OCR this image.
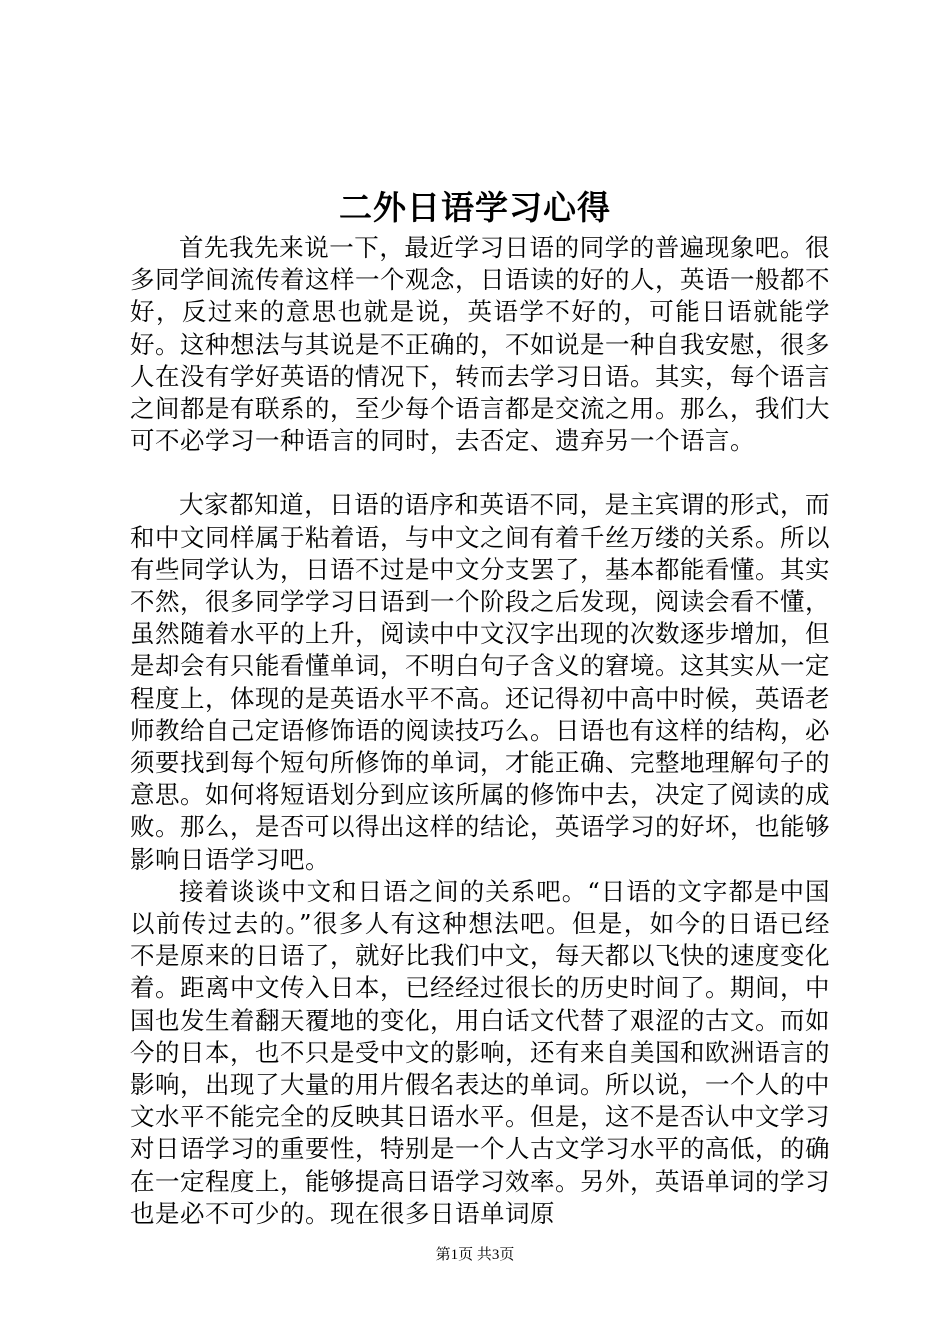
二外日语学习心得

首先我先来说一下，最近学习日语的同学的普遍现象吧。很多同学间流传着这样一个观念，日语读的好的人，英语一般都不好，反过来的意思也就是说，英语学不好的，可能日语就能学好。这种想法与其说是不正确的，不如说是一种自我安慰，很多人在没有学好英语的情况下，转而去学习日语。其实，每个语言之间都是有联系的，至少每个语言都是交流之用。那么，我们大可不必学习一种语言的同时，去否定、遗弃另一个语言。

大家都知道，日语的语序和英语不同，是主宾谓的形式，而和中文同样属于粘着语，与中文之间有着千丝万缕的关系。所以有些同学认为，日语不过是中文分支罢了，基本都能看懂。其实不然，很多同学学习日语到一个阶段之后发现，阅读会看不懂，虽然随着水平的上升，阅读中中文汉字出现的次数逐步增加，但是却会有只能看懂单词，不明白句子含义的窘境。这其实从一定程度上，体现的是英语水平不高。还记得初中高中时候，英语老师教给自己定语修饰语的阅读技巧么。日语也有这样的结构，必须要找到每个短句所修饰的单词，才能正确、完整地理解句子的意思。如何将短语划分到应该所属的修饰中去，决定了阅读的成败。那么，是否可以得出这样的结论，英语学习的好坏，也能够影响日语学习吧。

接着谈谈中文和日语之间的关系吧。“日语的文字都是中国以前传过去的。”很多人有这种想法吧。但是，如今的日语已经不是原来的日语了，就好比我们中文，每天都以飞快的速度变化着。距离中文传入日本，已经经过很长的历史时间了。期间，中国也发生着翻天覆地的变化，用白话文代替了艰涩的古文。而如今的日本，也不只是受中文的影响，还有来自美国和欧洲语言的影响，出现了大量的用片假名表达的单词。所以说，一个人的中文水平不能完全的反映其日语水平。但是，这不是否认中文学习对日语学习的重要性，特别是一个人古文学习水平的高低，的确在一定程度上，能够提高日语学习效率。另外，英语单词的学习也是必不可少的。现在很多日语单词原

第1页 共3页
